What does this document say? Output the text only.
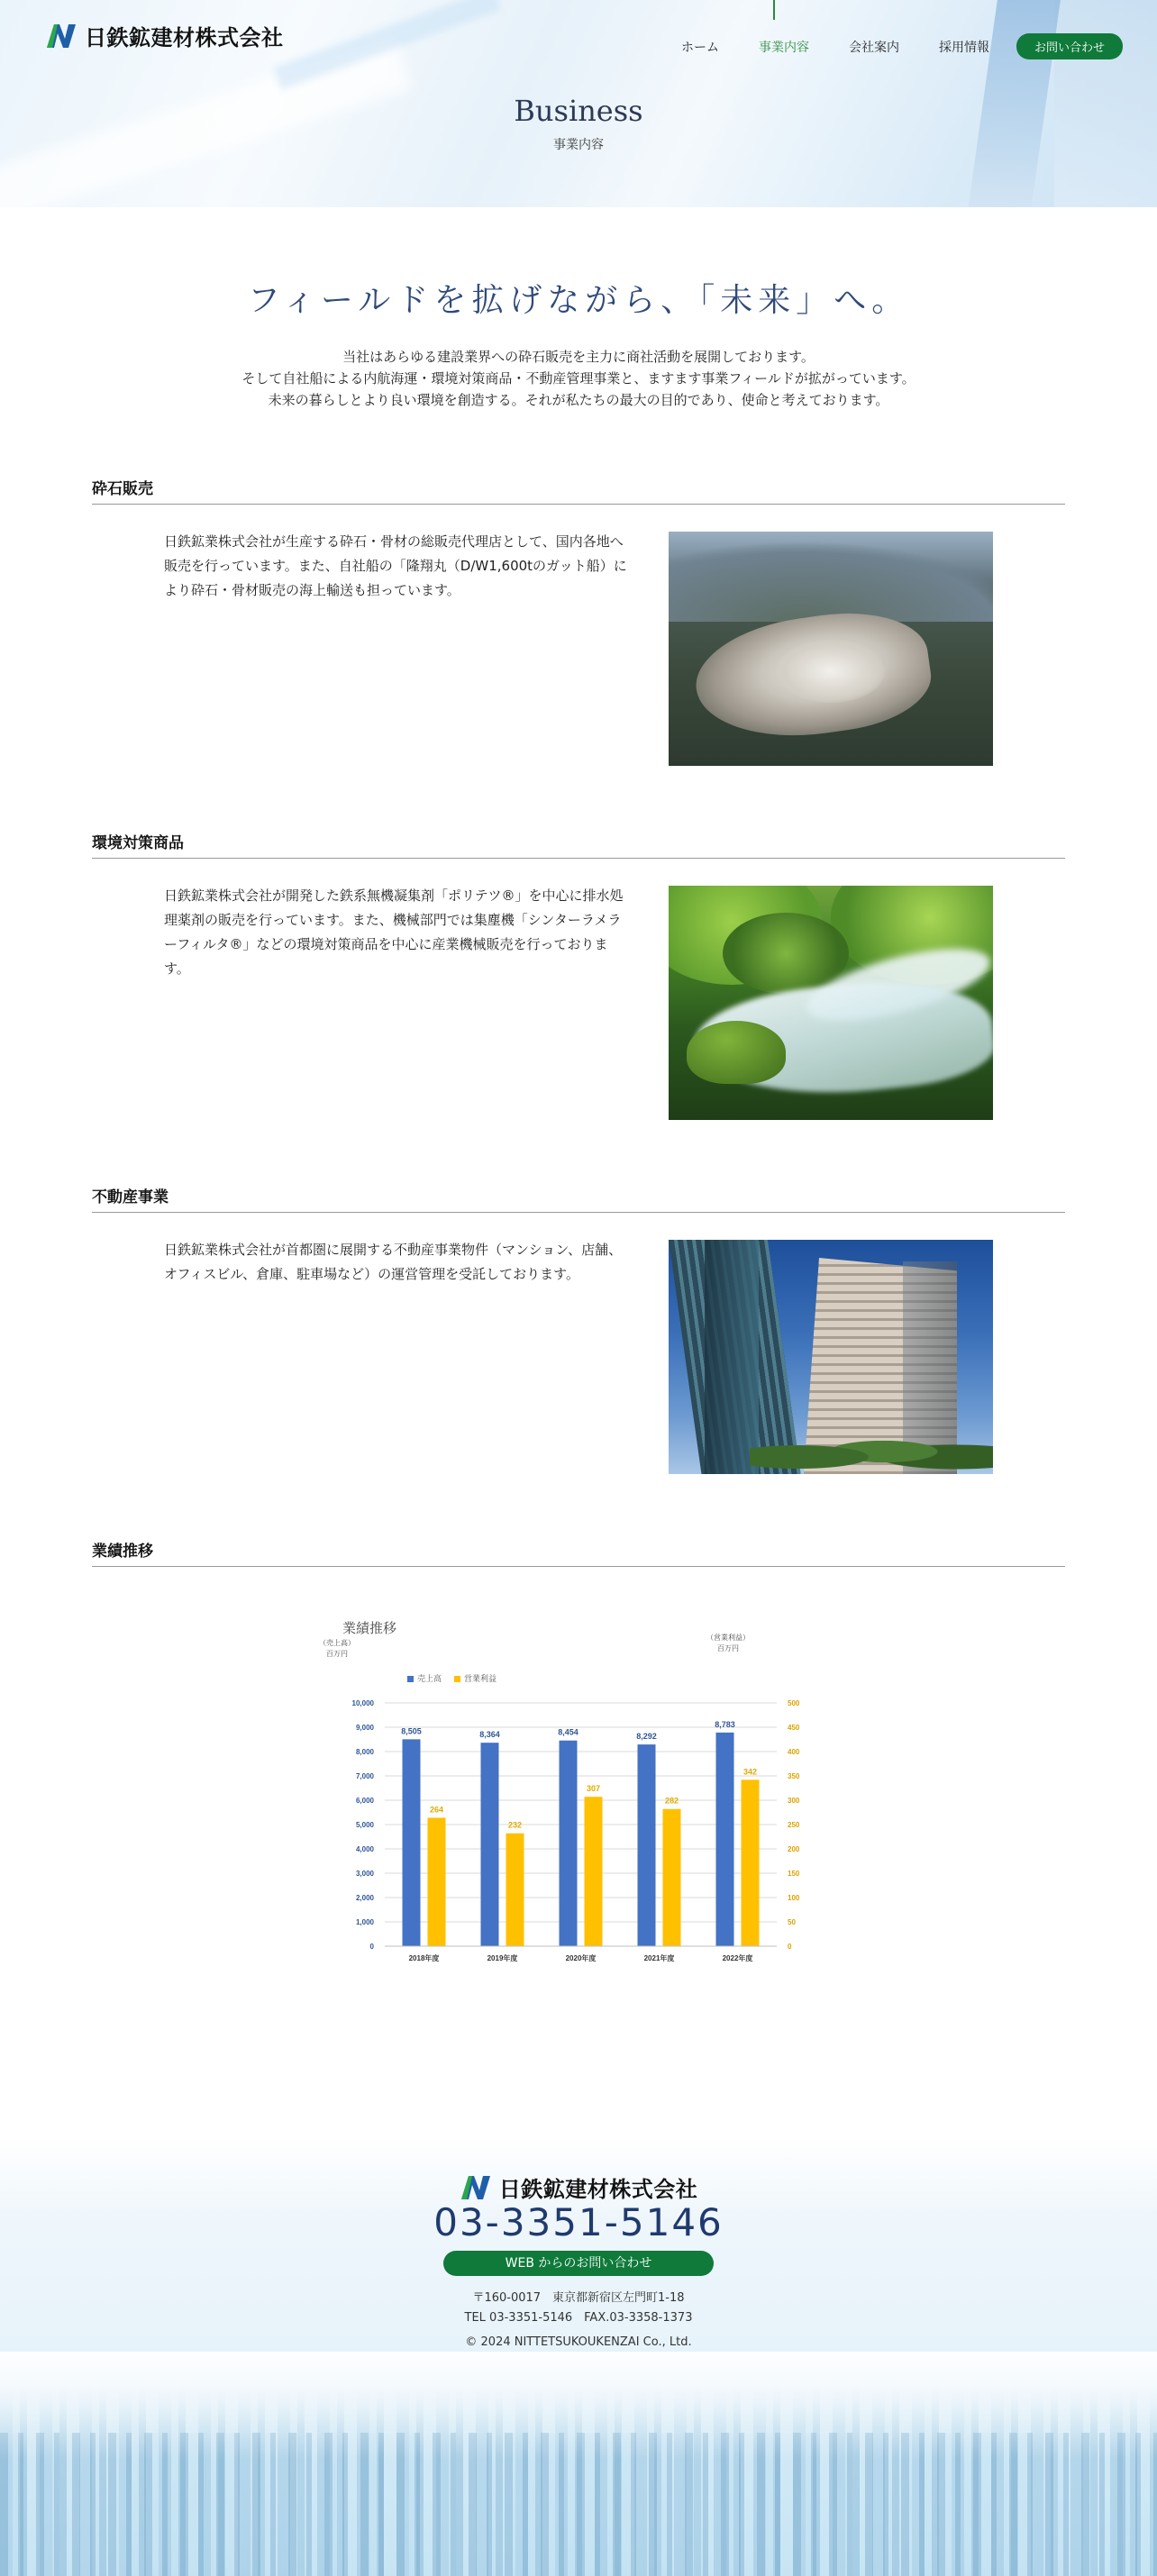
日鉄鉱建材株式会社	ホーム	事業内容	会社案内	採用情報	お問い合わせ
Business
事業内容
フィールドを拡げながら、「未来」へ。
当社はあらゆる建設業界への砕石販売を主力に商社活動を展開しております。
そして自社船による内航海運・環境対策商品・不動産管理事業と、ますます事業フィールドが拡がっています。
未来の暮らしとより良い環境を創造する。それが私たちの最大の目的であり、使命と考えております。
砕石販売

日鉄鉱業株式会社が生産する砕石・骨材の総販売代理店として、国内各地へ販売を行っています。また、自社船の「隆翔丸（D/W1,600tのガット船）により砕石・骨材販売の海上輸送も担っています。

環境対策商品

日鉄鉱業株式会社が開発した鉄系無機凝集剤「ポリテツ®」を中心に排水処理薬剤の販売を行っています。また、機械部門では集塵機「シンターラメラーフィルタ®」などの環境対策商品を中心に産業機械販売を行っております。

不動産事業

日鉄鉱業株式会社が首都圏に展開する不動産事業物件（マンション、店舗、オフィスビル、倉庫、駐車場など）の運営管理を受託しております。

業績推移
業績推移
（売上高）
百万円
（営業利益）
百万円
売上高	営業利益
0
1,000
2,000
3,000
4,000
5,000
6,000
7,000
8,000
9,000
10,000
0
50
100
150
200
250
300
350
400
450
500
8,505
264
2018年度
8,364
232
2019年度
8,454
307
2020年度
8,292
282
2021年度
8,783
342
2022年度
日鉄鉱建材株式会社
03-3351-5146
WEB からのお問い合わせ
〒160-0017　東京都新宿区左門町1-18
TEL 03-3351-5146　FAX.03-3358-1373
© 2024 NITTETSUKOUKENZAI Co., Ltd.
